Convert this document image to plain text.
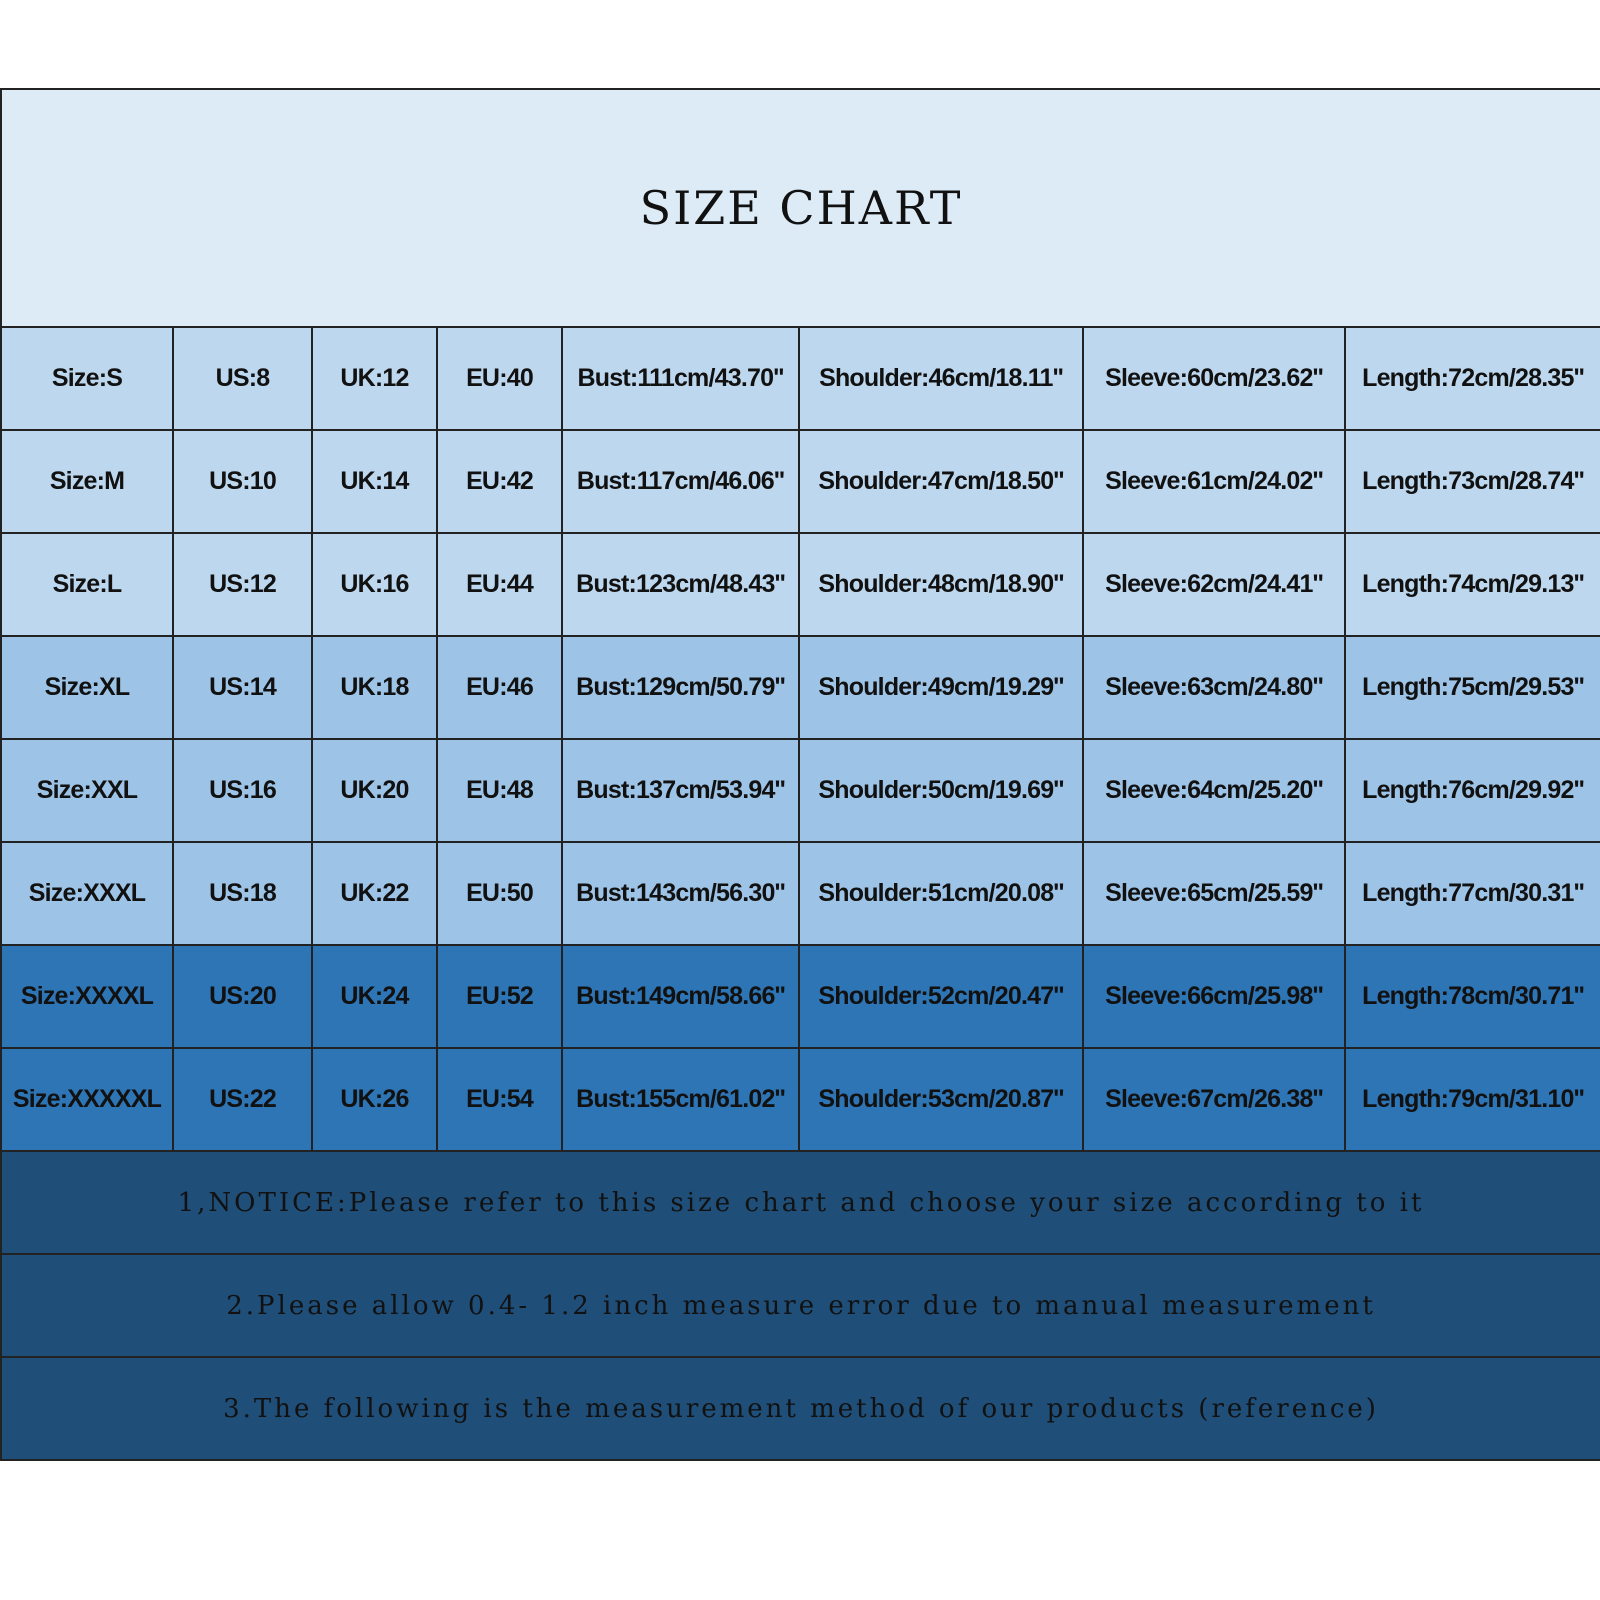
SIZE CHART							
Size:S	US:8	UK:12	EU:40	Bust:111cm/43.70''	Shoulder:46cm/18.11''	Sleeve:60cm/23.62''	Length:72cm/28.35''
Size:M	US:10	UK:14	EU:42	Bust:117cm/46.06''	Shoulder:47cm/18.50''	Sleeve:61cm/24.02''	Length:73cm/28.74''
Size:L	US:12	UK:16	EU:44	Bust:123cm/48.43''	Shoulder:48cm/18.90''	Sleeve:62cm/24.41''	Length:74cm/29.13''
Size:XL	US:14	UK:18	EU:46	Bust:129cm/50.79''	Shoulder:49cm/19.29''	Sleeve:63cm/24.80''	Length:75cm/29.53''
Size:XXL	US:16	UK:20	EU:48	Bust:137cm/53.94''	Shoulder:50cm/19.69''	Sleeve:64cm/25.20''	Length:76cm/29.92''
Size:XXXL	US:18	UK:22	EU:50	Bust:143cm/56.30''	Shoulder:51cm/20.08''	Sleeve:65cm/25.59''	Length:77cm/30.31''
Size:XXXXL	US:20	UK:24	EU:52	Bust:149cm/58.66''	Shoulder:52cm/20.47''	Sleeve:66cm/25.98''	Length:78cm/30.71''
Size:XXXXXL	US:22	UK:26	EU:54	Bust:155cm/61.02''	Shoulder:53cm/20.87''	Sleeve:67cm/26.38''	Length:79cm/31.10''
1,NOTICE:Please refer to this size chart and choose your size according to it							
2.Please allow 0.4- 1.2 inch measure error due to manual measurement							
3.The following is the measurement method of our products (reference)							
